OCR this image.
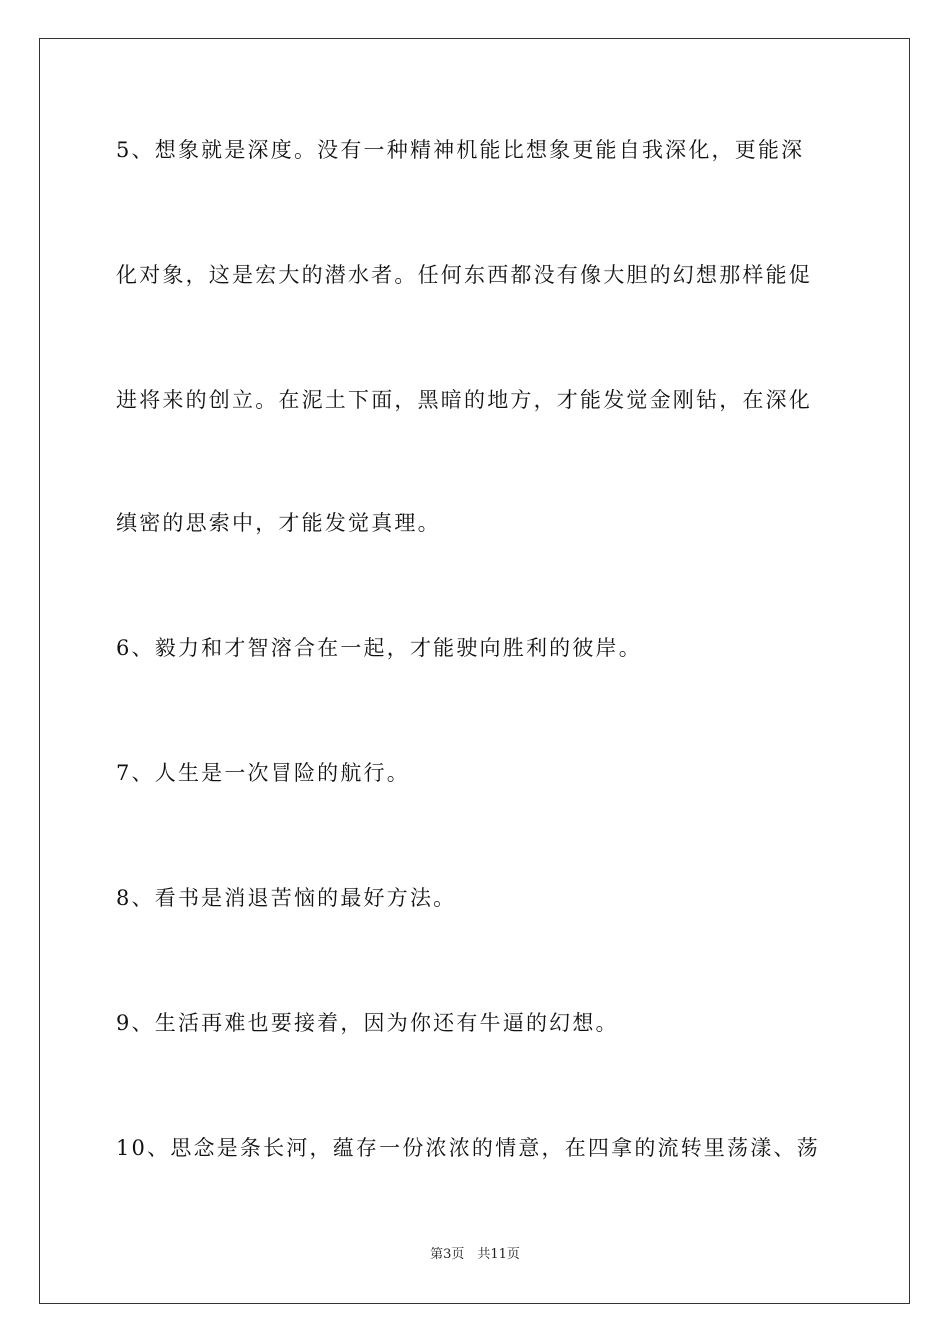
5、想象就是深度。没有一种精神机能比想象更能自我深化，更能深
化对象，这是宏大的潜水者。任何东西都没有像大胆的幻想那样能促
进将来的创立。在泥土下面，黑暗的地方，才能发觉金刚钻，在深化
缜密的思索中，才能发觉真理。
6、毅力和才智溶合在一起，才能驶向胜利的彼岸。
7、人生是一次冒险的航行。
8、看书是消退苦恼的最好方法。
9、生活再难也要接着，因为你还有牛逼的幻想。
10、思念是条长河，蕴存一份浓浓的情意，在四拿的流转里荡漾、荡
第3页　共11页
